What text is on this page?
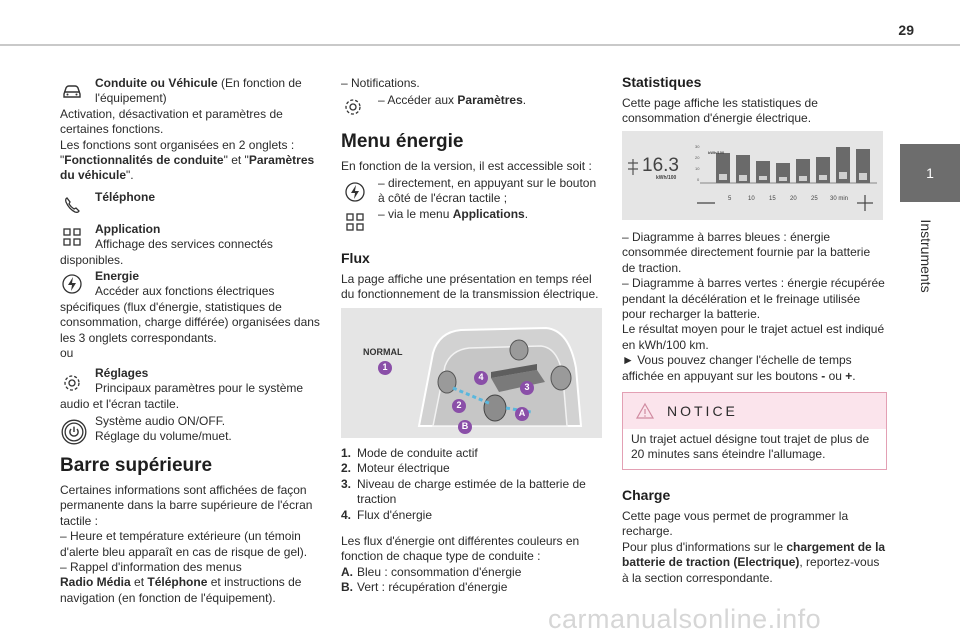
29
1
Instruments

Conduite ou Véhicule (En fonction de l'équipement)

Activation, désactivation et paramètres de certaines fonctions.

Les fonctions sont organisées en 2 onglets : "Fonctionnalités de conduite" et "Paramètres du véhicule".

Téléphone

Application

Affichage des services connectés disponibles.

Energie

Accéder aux fonctions électriques spécifiques (flux d'énergie, statistiques de consommation, charge différée) organisées dans les 3 onglets correspondants.

ou

Réglages

Principaux paramètres pour le système audio et l'écran tactile.

Système audio ON/OFF.

Réglage du volume/muet.

Barre supérieure

Certaines informations sont affichées de façon permanente dans la barre supérieure de l'écran tactile :

– Heure et température extérieure (un témoin d'alerte bleu apparaît en cas de risque de gel).

– Rappel d'information des menus

Radio Média et Téléphone et instructions de navigation (en fonction de l'équipement).

– Notifications.
– Accéder aux Paramètres.
Menu énergie
En fonction de la version, il est accessible soit :
– directement, en appuyant sur le bouton à côté de l'écran tactile ;
– via le menu Applications.
Flux
La page affiche une présentation en temps réel du fonctionnement de la transmission électrique.
NORMAL
1
4
3
2
A
B

1. Mode de conduite actif

2. Moteur électrique

3. Niveau de charge estimée de la batterie de traction

4. Flux d'énergie

Les flux d'énergie ont différentes couleurs en fonction de chaque type de conduite :

A. Bleu : consommation d'énergie

B. Vert : récupération d'énergie

Statistiques
Cette page affiche les statistiques de consommation d'énergie électrique.
16.3
kWh/100
kWh/100
30
20
10
0
5	10 15 20 25 30 min

– Diagramme à barres bleues : énergie consommée directement fournie par la batterie de traction.

– Diagramme à barres vertes : énergie récupérée pendant la décélération et le freinage utilisée pour recharger la batterie.

Le résultat moyen pour le trajet actuel est indiqué en kWh/100 km.

► Vous pouvez changer l'échelle de temps affichée en appuyant sur les boutons - ou +.

NOTICE
Un trajet actuel désigne tout trajet de plus de 20 minutes sans éteindre l'allumage.
Charge

Cette page vous permet de programmer la recharge.

Pour plus d'informations sur le chargement de la batterie de traction (Electrique), reportez-vous à la section correspondante.

carmanualsonline.info
